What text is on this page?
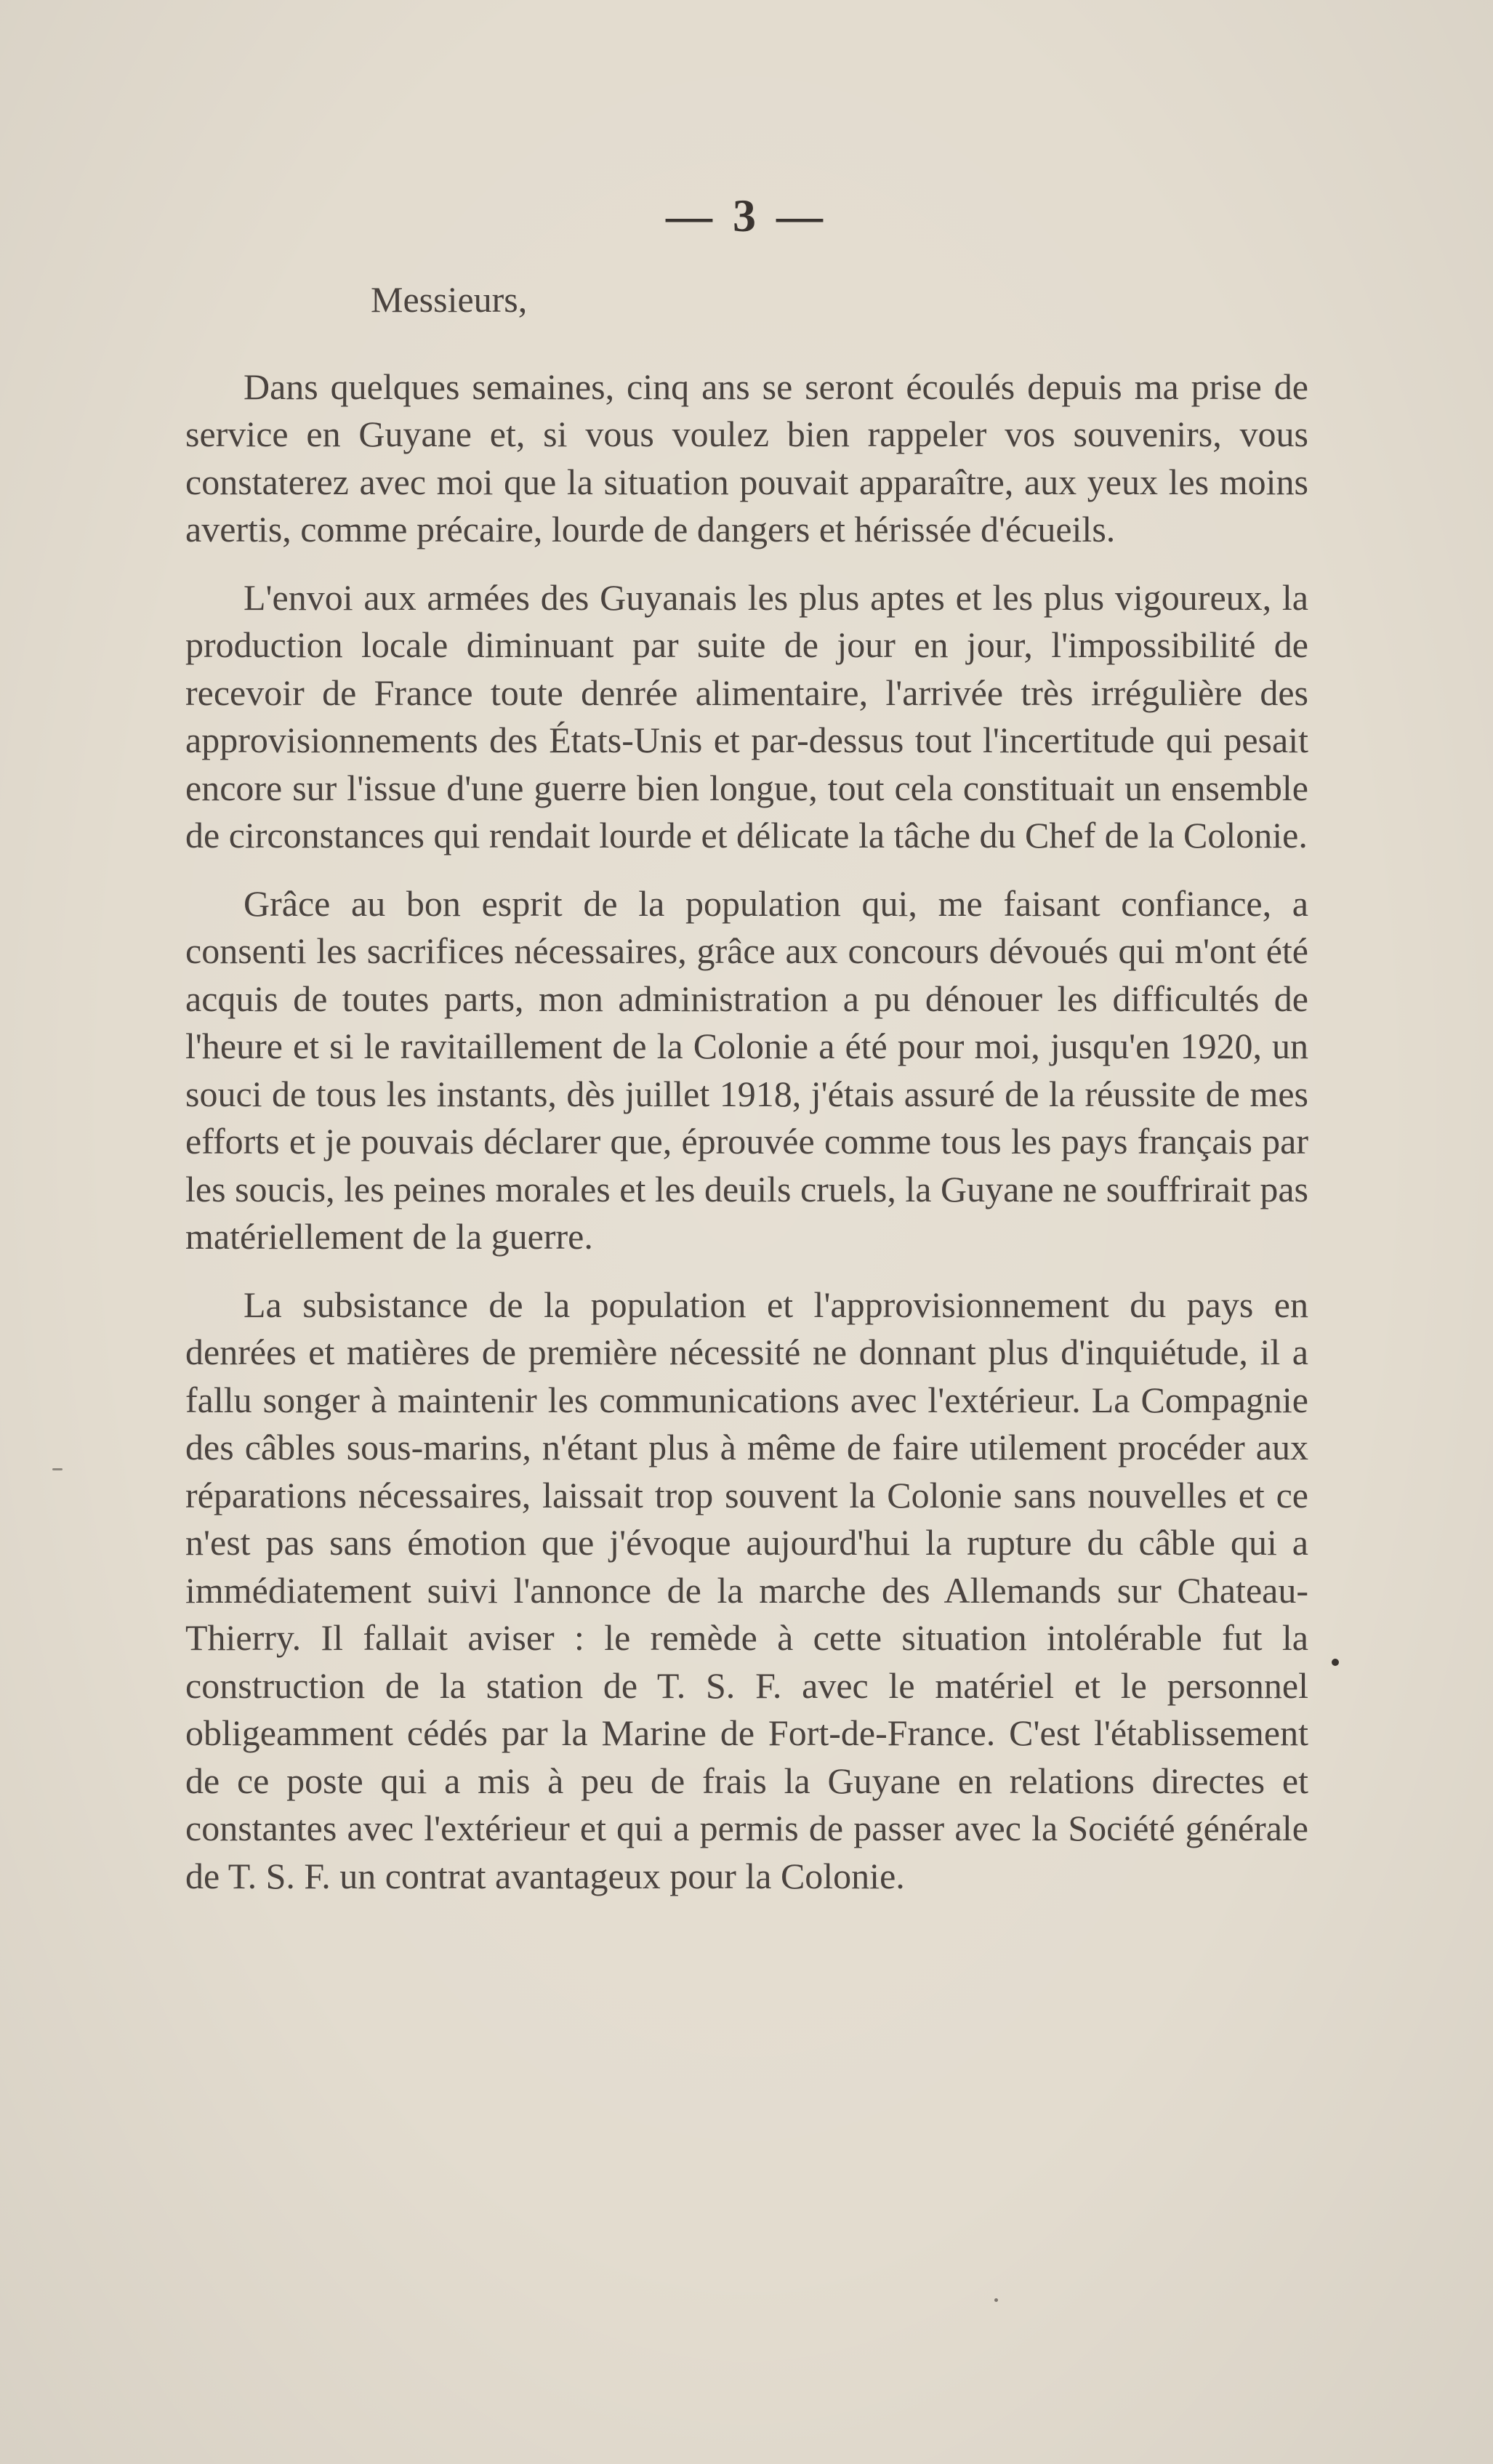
— 3 —
Messieurs,

Dans quelques semaines, cinq ans se seront écoulés depuis ma prise de service en Guyane et, si vous voulez bien rappeler vos souvenirs, vous constaterez avec moi que la situation pouvait apparaître, aux yeux les moins avertis, comme précaire, lourde de dangers et hérissée d'écueils.

L'envoi aux armées des Guyanais les plus aptes et les plus vigoureux, la production locale diminuant par suite de jour en jour, l'impossibilité de recevoir de France toute denrée alimentaire, l'arrivée très irrégulière des approvisionnements des États-Unis et par-dessus tout l'incertitude qui pesait encore sur l'issue d'une guerre bien longue, tout cela constituait un ensemble de circonstances qui rendait lourde et délicate la tâche du Chef de la Colonie.

Grâce au bon esprit de la population qui, me faisant confiance, a consenti les sacrifices nécessaires, grâce aux concours dévoués qui m'ont été acquis de toutes parts, mon administration a pu dénouer les difficultés de l'heure et si le ravitaillement de la Colonie a été pour moi, jusqu'en 1920, un souci de tous les instants, dès juillet 1918, j'étais assuré de la réussite de mes efforts et je pouvais déclarer que, éprouvée comme tous les pays français par les soucis, les peines morales et les deuils cruels, la Guyane ne souffrirait pas matériellement de la guerre.

La subsistance de la population et l'approvisionnement du pays en denrées et matières de première nécessité ne donnant plus d'inquiétude, il a fallu songer à maintenir les communications avec l'extérieur. La Compagnie des câbles sous-marins, n'étant plus à même de faire utilement procéder aux réparations nécessaires, laissait trop souvent la Colonie sans nouvelles et ce n'est pas sans émotion que j'évoque aujourd'hui la rupture du câble qui a immédiatement suivi l'annonce de la marche des Allemands sur Chateau-Thierry. Il fallait aviser : le remède à cette situation intolérable fut la construction de la station de T. S. F. avec le matériel et le personnel obligeamment cédés par la Marine de Fort-de-France. C'est l'établissement de ce poste qui a mis à peu de frais la Guyane en relations directes et constantes avec l'extérieur et qui a permis de passer avec la Société générale de T. S. F. un contrat avantageux pour la Colonie.
